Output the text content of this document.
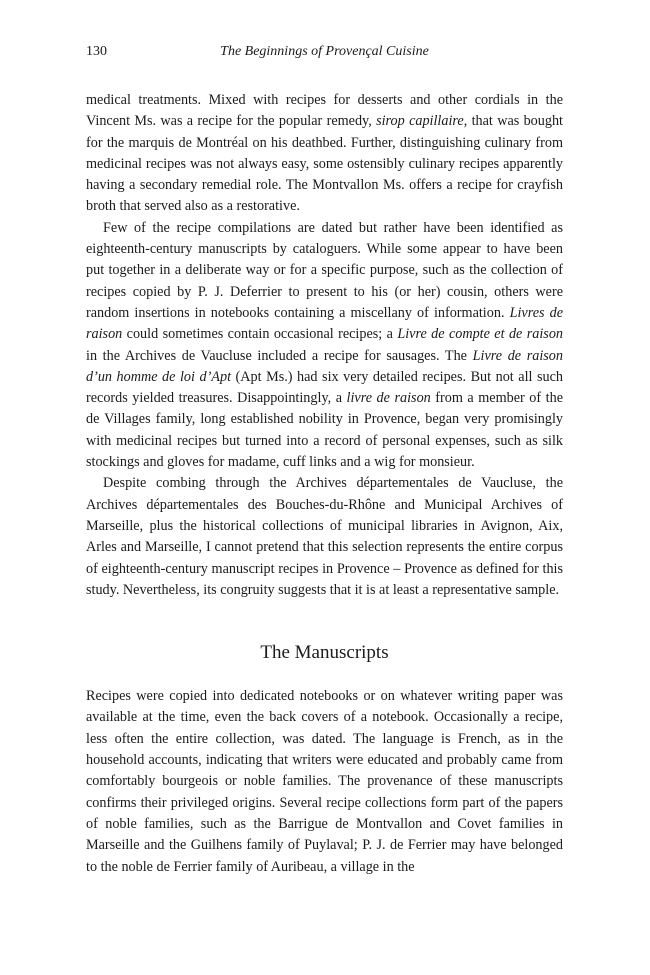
130	The Beginnings of Provençal Cuisine

medical treatments. Mixed with recipes for desserts and other cordials in the Vincent Ms. was a recipe for the popular remedy, sirop capillaire, that was bought for the marquis de Montréal on his deathbed. Further, distinguishing culinary from medicinal recipes was not always easy, some ostensibly culinary recipes apparently having a secondary remedial role. The Montvallon Ms. offers a recipe for crayfish broth that served also as a restorative.

Few of the recipe compilations are dated but rather have been identified as eighteenth-century manuscripts by cataloguers. While some appear to have been put together in a deliberate way or for a specific purpose, such as the collection of recipes copied by P. J. Deferrier to present to his (or her) cousin, others were random insertions in notebooks containing a miscellany of information. Livres de raison could sometimes contain occasional recipes; a Livre de compte et de raison in the Archives de Vaucluse included a recipe for sausages. The Livre de raison d’un homme de loi d’Apt (Apt Ms.) had six very detailed recipes. But not all such records yielded treasures. Disappointingly, a livre de raison from a member of the de Villages family, long established nobility in Provence, began very promisingly with medicinal recipes but turned into a record of personal expenses, such as silk stockings and gloves for madame, cuff links and a wig for monsieur.

Despite combing through the Archives départementales de Vaucluse, the Archives départementales des Bouches-du-Rhône and Municipal Archives of Marseille, plus the historical collections of municipal libraries in Avignon, Aix, Arles and Marseille, I cannot pretend that this selection represents the entire corpus of eighteenth-century manuscript recipes in Provence – Provence as defined for this study. Nevertheless, its congruity suggests that it is at least a representative sample.

The Manuscripts

Recipes were copied into dedicated notebooks or on whatever writing paper was available at the time, even the back covers of a notebook. Occasionally a recipe, less often the entire collection, was dated. The language is French, as in the household accounts, indicating that writers were educated and probably came from comfortably bourgeois or noble families. The provenance of these manuscripts confirms their privileged origins. Several recipe collections form part of the papers of noble families, such as the Barrigue de Montvallon and Covet families in Marseille and the Guilhens family of Puylaval; P. J. de Ferrier may have belonged to the noble de Ferrier family of Auribeau, a village in the
